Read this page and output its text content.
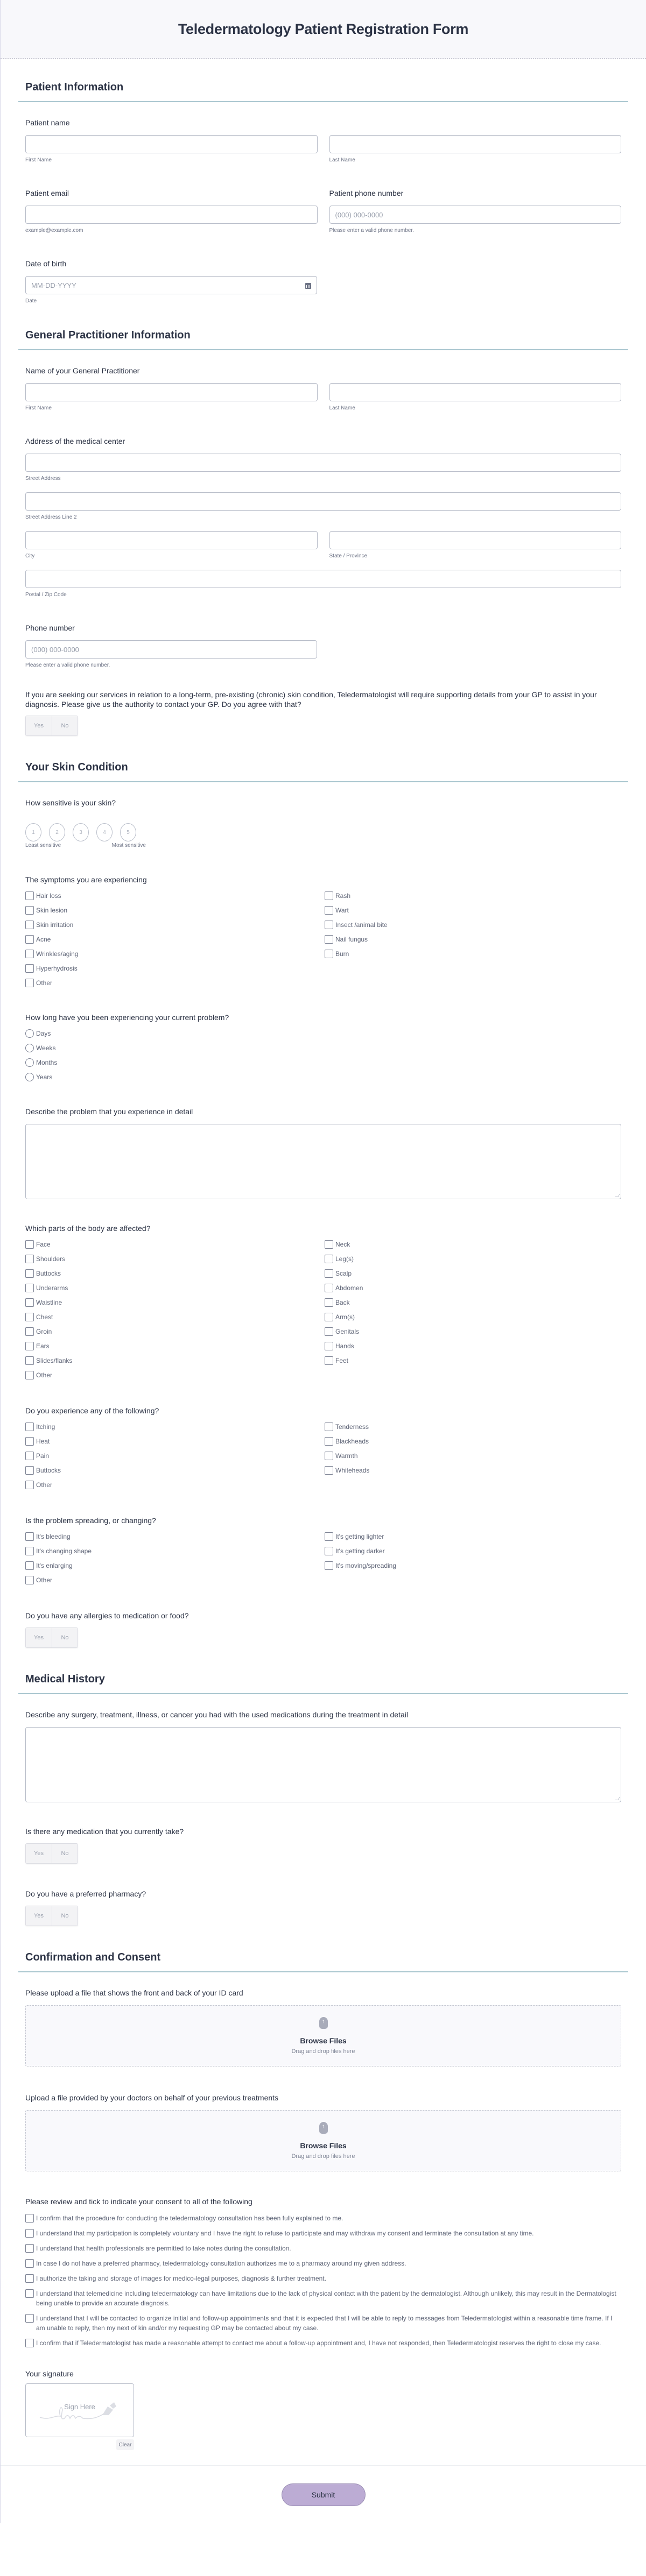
Teledermatology Patient Registration Form
Patient Information
Patient name
First Name	Last Name
Patient email
example@example.com
Patient phone number
(000) 000-0000
Please enter a valid phone number.
Date of birth
MM-DD-YYYY
Date
General Practitioner Information
Name of your General Practitioner
First Name	Last Name
Address of the medical center
Street Address
Street Address Line 2
City	State / Province
Postal / Zip Code
Phone number
(000) 000-0000
Please enter a valid phone number.
If you are seeking our services in relation to a long-term, pre-existing (chronic) skin condition, Teledermatologist will require supporting details from your GP to assist in your diagnosis. Please give us the authority to contact your GP. Do you agree with that?
Yes	No
Your Skin Condition
How sensitive is your skin?
1	2	3	4	5
Least sensitive	Most sensitive
The symptoms you are experiencing
Hair loss
Skin lesion
Skin irritation
Acne
Wrinkles/aging
Hyperhydrosis
Other
Rash
Wart
Insect /animal bite
Nail fungus
Burn
How long have you been experiencing your current problem?
Days
Weeks
Months
Years
Describe the problem that you experience in detail
Which parts of the body are affected?
Face
Shoulders
Buttocks
Underarms
Waistline
Chest
Groin
Ears
Slides/flanks
Other
Neck
Leg(s)
Scalp
Abdomen
Back
Arm(s)
Genitals
Hands
Feet
Do you experience any of the following?
Itching
Heat
Pain
Buttocks
Other
Tenderness
Blackheads
Warmth
Whiteheads
Is the problem spreading, or changing?
It's bleeding
It's changing shape
It's enlarging
Other
It's getting lighter
It's getting darker
It's moving/spreading
Do you have any allergies to medication or food?
Yes	No
Medical History
Describe any surgery, treatment, illness, or cancer you had with the used medications during the treatment in detail
Is there any medication that you currently take?
Yes	No
Do you have a preferred pharmacy?
Yes	No
Confirmation and Consent
Please upload a file that shows the front and back of your ID card
↑
Browse Files
Drag and drop files here
Upload a file provided by your doctors on behalf of your previous treatments
↑
Browse Files
Drag and drop files here
Please review and tick to indicate your consent to all of the following
I confirm that the procedure for conducting the teledermatology consultation has been fully explained to me.
I understand that my participation is completely voluntary and I have the right to refuse to participate and may withdraw my consent and terminate the consultation at any time.
I understand that health professionals are permitted to take notes during the consultation.
In case I do not have a preferred pharmacy, teledermatology consultation authorizes me to a pharmacy around my given address.
I authorize the taking and storage of images for medico-legal purposes, diagnosis & further treatment.
I understand that telemedicine including teledermatology can have limitations due to the lack of physical contact with the patient by the dermatologist. Although unlikely, this may result in the Dermatologist being unable to provide an accurate diagnosis.
I understand that I will be contacted to organize initial and follow-up appointments and that it is expected that I will be able to reply to messages from Teledermatologist within a reasonable time frame. If I am unable to reply, then my next of kin and/or my requesting GP may be contacted about my case.
I confirm that if Teledermatologist has made a reasonable attempt to contact me about a follow-up appointment and, I have not responded, then Teledermatologist reserves the right to close my case.
Your signature
Sign Here
Clear
Submit
